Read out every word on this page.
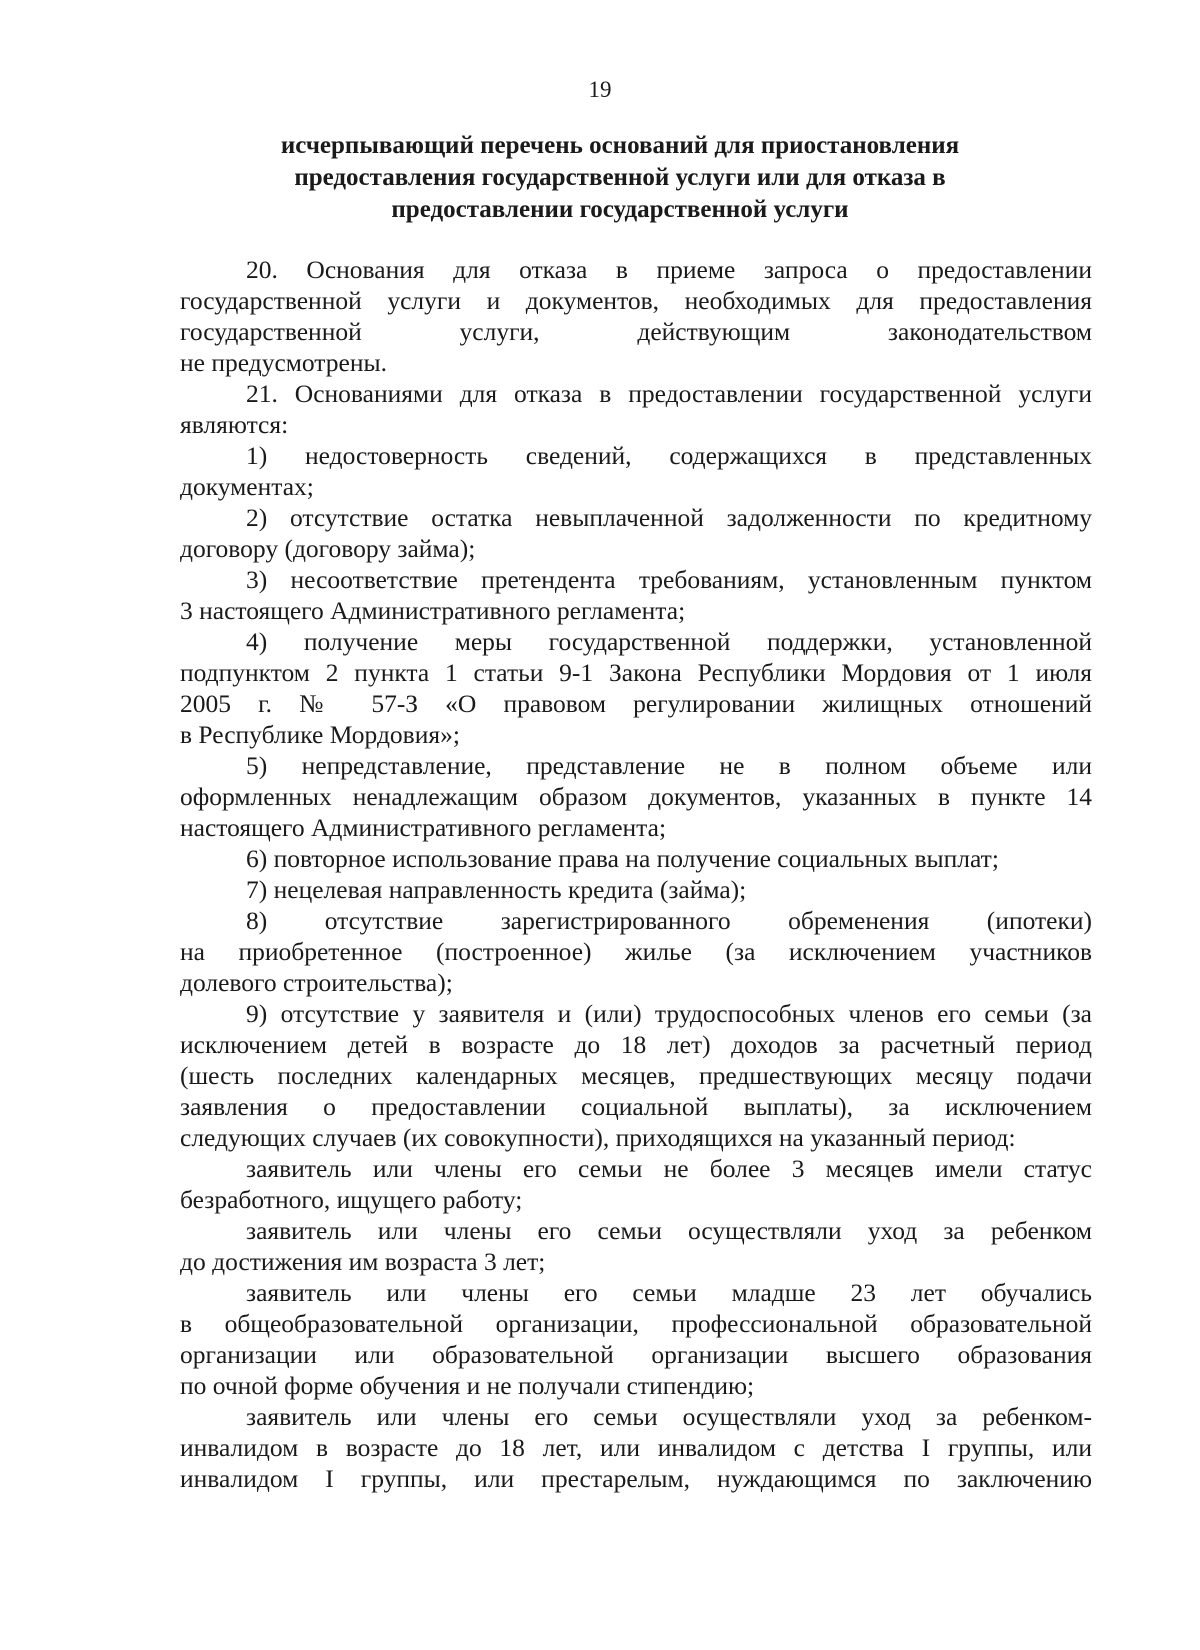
19
исчерпывающий перечень оснований для приостановления
предоставления государственной услуги или для отказа в
предоставлении государственной услуги
20. Основания для отказа в приеме запроса о предоставлении
государственной услуги и документов, необходимых для предоставления
государственной услуги, действующим законодательством
не предусмотрены.
21. Основаниями для отказа в предоставлении государственной услуги
являются:
1) недостоверность сведений, содержащихся в представленных
документах;
2) отсутствие остатка невыплаченной задолженности по кредитному
договору (договору займа);
3) несоответствие претендента требованиям, установленным пунктом
3 настоящего Административного регламента;
4) получение меры государственной поддержки, установленной
подпунктом 2 пункта 1 статьи 9-1 Закона Республики Мордовия от 1 июля
2005 г. № 57-З «О правовом регулировании жилищных отношений
в Республике Мордовия»;
5) непредставление, представление не в полном объеме или
оформленных ненадлежащим образом документов, указанных в пункте 14
настоящего Административного регламента;
6) повторное использование права на получение социальных выплат;
7) нецелевая направленность кредита (займа);
8) отсутствие зарегистрированного обременения (ипотеки)
на приобретенное (построенное) жилье (за исключением участников
долевого строительства);
9) отсутствие у заявителя и (или) трудоспособных членов его семьи (за
исключением детей в возрасте до 18 лет) доходов за расчетный период
(шесть последних календарных месяцев, предшествующих месяцу подачи
заявления о предоставлении социальной выплаты), за исключением
следующих случаев (их совокупности), приходящихся на указанный период:
заявитель или члены его семьи не более 3 месяцев имели статус
безработного, ищущего работу;
заявитель или члены его семьи осуществляли уход за ребенком
до достижения им возраста 3 лет;
заявитель или члены его семьи младше 23 лет обучались
в общеобразовательной организации, профессиональной образовательной
организации или образовательной организации высшего образования
по очной форме обучения и не получали стипендию;
заявитель или члены его семьи осуществляли уход за ребенком-
инвалидом в возрасте до 18 лет, или инвалидом с детства I группы, или
инвалидом I группы, или престарелым, нуждающимся по заключению
